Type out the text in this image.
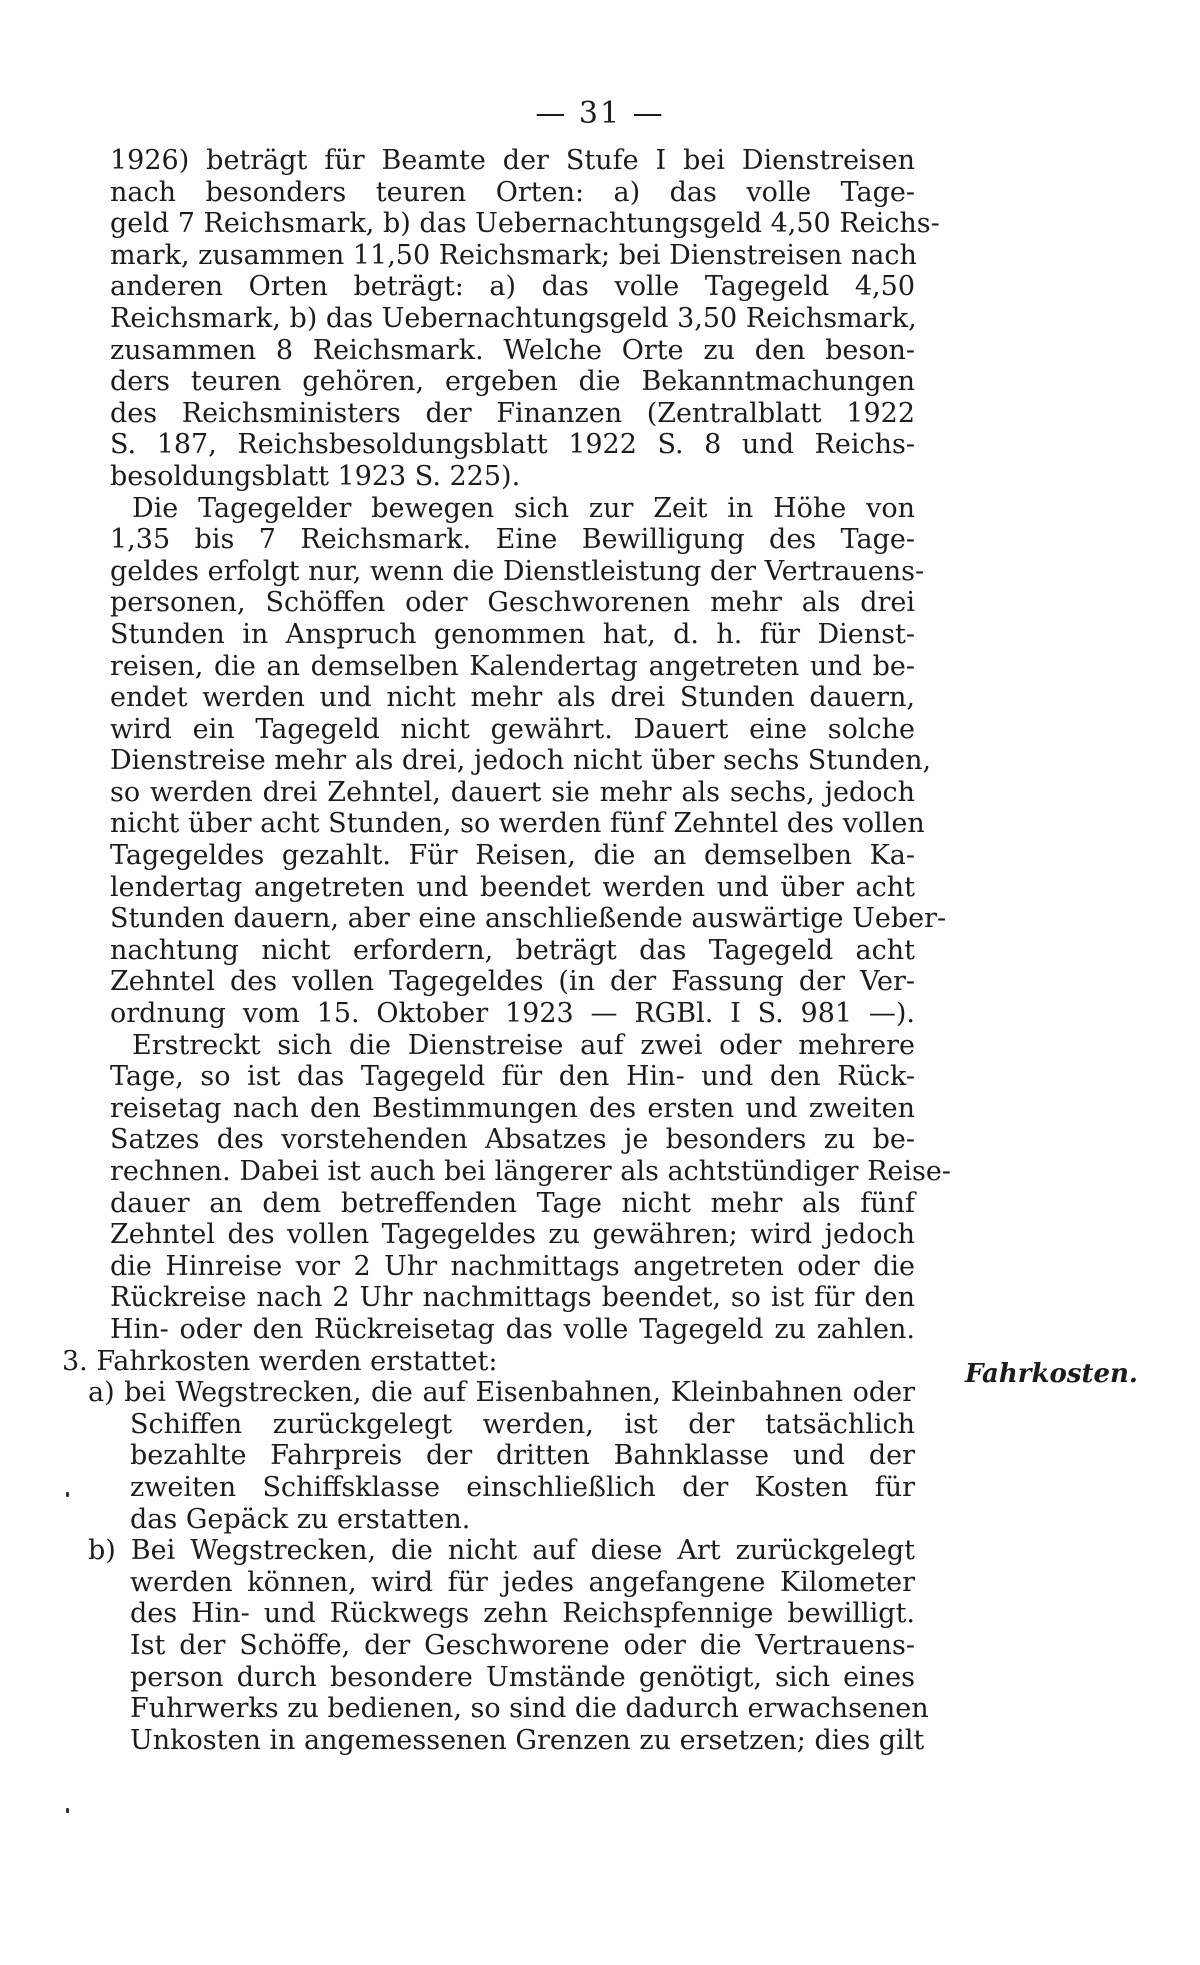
— 31 —
1926) beträgt für Beamte der Stufe I bei Dienstreisen
nach besonders teuren Orten: a) das volle Tage-
geld 7 Reichsmark, b) das Uebernachtungsgeld 4,50 Reichs-
mark, zusammen 11,50 Reichsmark; bei Dienstreisen nach
anderen Orten beträgt: a) das volle Tagegeld 4,50
Reichsmark, b) das Uebernachtungsgeld 3,50 Reichsmark,
zusammen 8 Reichsmark. Welche Orte zu den beson-
ders teuren gehören, ergeben die Bekanntmachungen
des Reichsministers der Finanzen (Zentralblatt 1922
S. 187, Reichsbesoldungsblatt 1922 S. 8 und Reichs-
besoldungsblatt 1923 S. 225).
Die Tagegelder bewegen sich zur Zeit in Höhe von
1,35 bis 7 Reichsmark. Eine Bewilligung des Tage-
geldes erfolgt nur, wenn die Dienstleistung der Vertrauens-
personen, Schöffen oder Geschworenen mehr als drei
Stunden in Anspruch genommen hat, d. h. für Dienst-
reisen, die an demselben Kalendertag angetreten und be-
endet werden und nicht mehr als drei Stunden dauern,
wird ein Tagegeld nicht gewährt. Dauert eine solche
Dienstreise mehr als drei, jedoch nicht über sechs Stunden,
so werden drei Zehntel, dauert sie mehr als sechs, jedoch
nicht über acht Stunden, so werden fünf Zehntel des vollen
Tagegeldes gezahlt. Für Reisen, die an demselben Ka-
lendertag angetreten und beendet werden und über acht
Stunden dauern, aber eine anschließende auswärtige Ueber-
nachtung nicht erfordern, beträgt das Tagegeld acht
Zehntel des vollen Tagegeldes (in der Fassung der Ver-
ordnung vom 15. Oktober 1923 — RGBl. I S. 981 —).
Erstreckt sich die Dienstreise auf zwei oder mehrere
Tage, so ist das Tagegeld für den Hin- und den Rück-
reisetag nach den Bestimmungen des ersten und zweiten
Satzes des vorstehenden Absatzes je besonders zu be-
rechnen. Dabei ist auch bei längerer als achtstündiger Reise-
dauer an dem betreffenden Tage nicht mehr als fünf
Zehntel des vollen Tagegeldes zu gewähren; wird jedoch
die Hinreise vor 2 Uhr nachmittags angetreten oder die
Rückreise nach 2 Uhr nachmittags beendet, so ist für den
Hin- oder den Rückreisetag das volle Tagegeld zu zahlen.
3. Fahrkosten werden erstattet:
a) bei Wegstrecken, die auf Eisenbahnen, Kleinbahnen oder
Schiffen zurückgelegt werden, ist der tatsächlich
bezahlte Fahrpreis der dritten Bahnklasse und der
zweiten Schiffsklasse einschließlich der Kosten für
das Gepäck zu erstatten.
b) Bei Wegstrecken, die nicht auf diese Art zurückgelegt
werden können, wird für jedes angefangene Kilometer
des Hin- und Rückwegs zehn Reichspfennige bewilligt.
Ist der Schöffe, der Geschworene oder die Vertrauens-
person durch besondere Umstände genötigt, sich eines
Fuhrwerks zu bedienen, so sind die dadurch erwachsenen
Unkosten in angemessenen Grenzen zu ersetzen; dies gilt
Fahrkosten.
